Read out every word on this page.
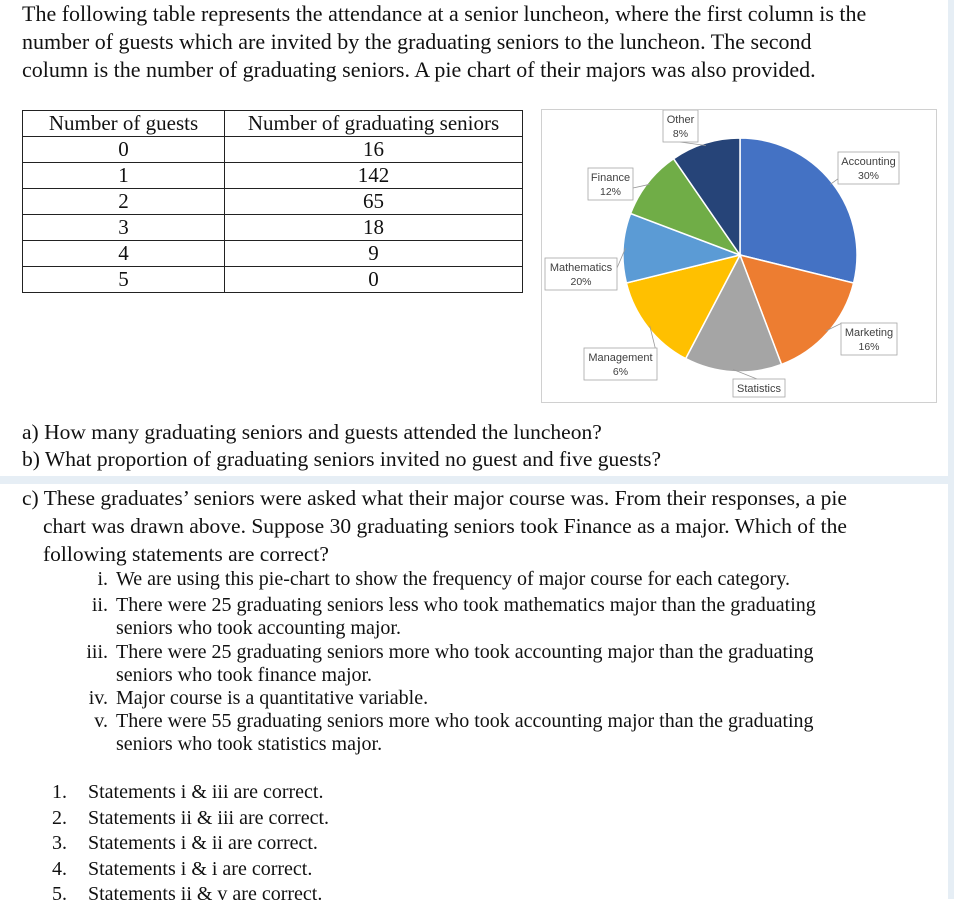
The following table represents the attendance at a senior luncheon, where the first column is the
number of guests which are invited by the graduating seniors to the luncheon. The second
column is the number of graduating seniors. A pie chart of their majors was also provided.
Number of guests	Number of graduating seniors
0	16
1	142
2	65
3	18
4	9
5	0
Accounting
30%
Marketing
16%
Statistics
Management
6%
Mathematics
20%
Finance
12%
Other
8%
a) How many graduating seniors and guests attended the luncheon?
b) What proportion of graduating seniors invited no guest and five guests?
c) These graduates’ seniors were asked what their major course was. From their responses, a pie
chart was drawn above. Suppose 30 graduating seniors took Finance as a major. Which of the
following statements are correct?
i. We are using this pie-chart to show the frequency of major course for each category.
ii. There were 25 graduating seniors less who took mathematics major than the graduating
seniors who took accounting major.
iii. There were 25 graduating seniors more who took accounting major than the graduating
seniors who took finance major.
iv. Major course is a quantitative variable.
v. There were 55 graduating seniors more who took accounting major than the graduating
seniors who took statistics major.
1.	Statements i & iii are correct.
2.	Statements ii & iii are correct.
3.	Statements i & ii are correct.
4.	Statements i & i are correct.
5.	Statements ii & v are correct.
